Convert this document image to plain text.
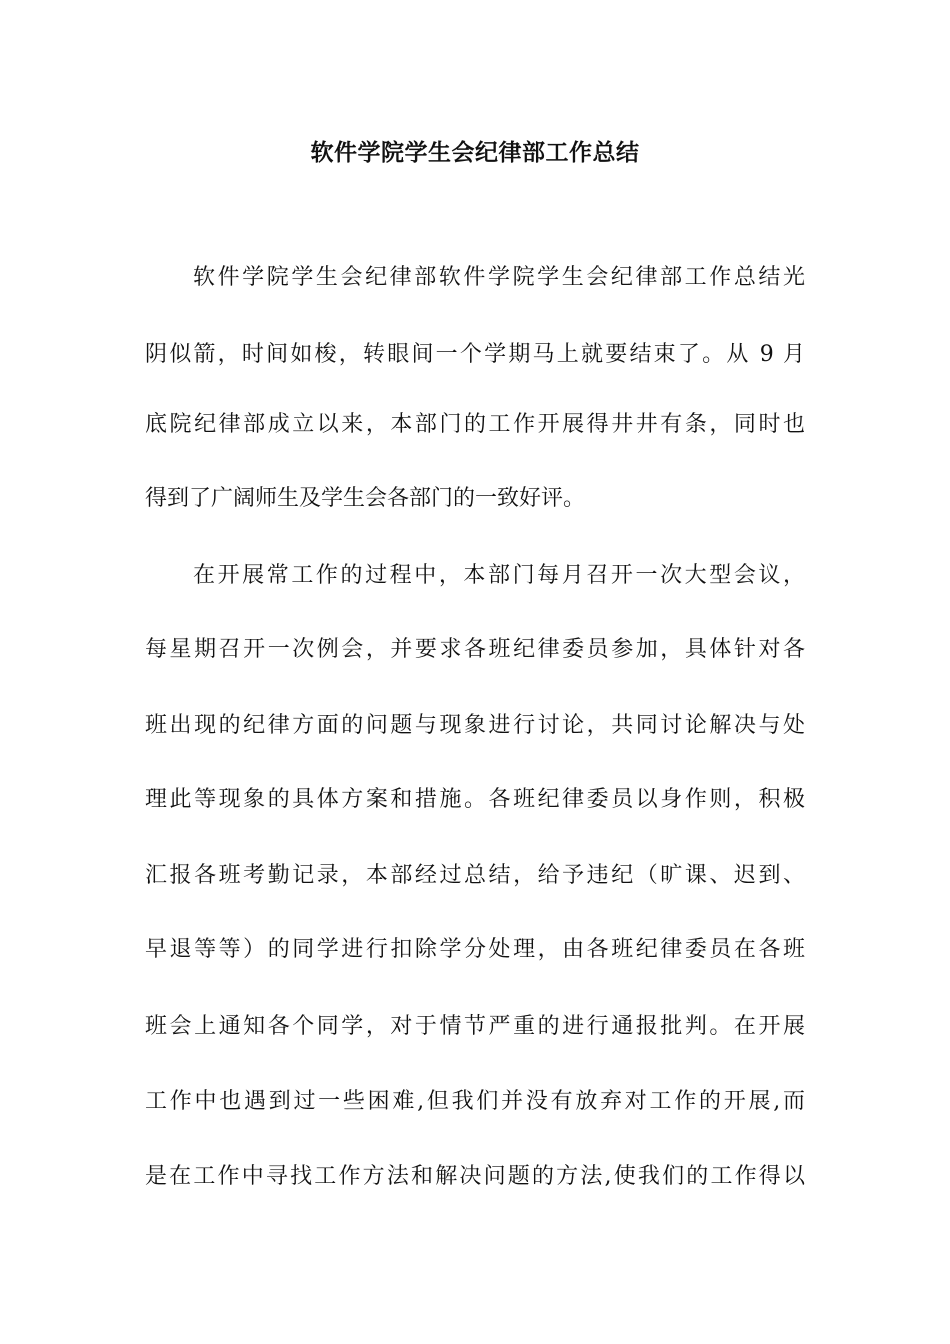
软件学院学生会纪律部工作总结
软件学院学生会纪律部软件学院学生会纪律部工作总结光
阴似箭，时间如梭，转眼间一个学期马上就要结束了。从 9 月
底院纪律部成立以来，本部门的工作开展得井井有条，同时也
得到了广阔师生及学生会各部门的一致好评。
在开展常工作的过程中，本部门每月召开一次大型会议，
每星期召开一次例会，并要求各班纪律委员参加，具体针对各
班出现的纪律方面的问题与现象进行讨论，共同讨论解决与处
理此等现象的具体方案和措施。各班纪律委员以身作则，积极
汇报各班考勤记录，本部经过总结，给予违纪（旷课、迟到、
早退等等）的同学进行扣除学分处理，由各班纪律委员在各班
班会上通知各个同学，对于情节严重的进行通报批判。在开展
工作中也遇到过一些困难,但我们并没有放弃对工作的开展,而
是在工作中寻找工作方法和解决问题的方法,使我们的工作得以
